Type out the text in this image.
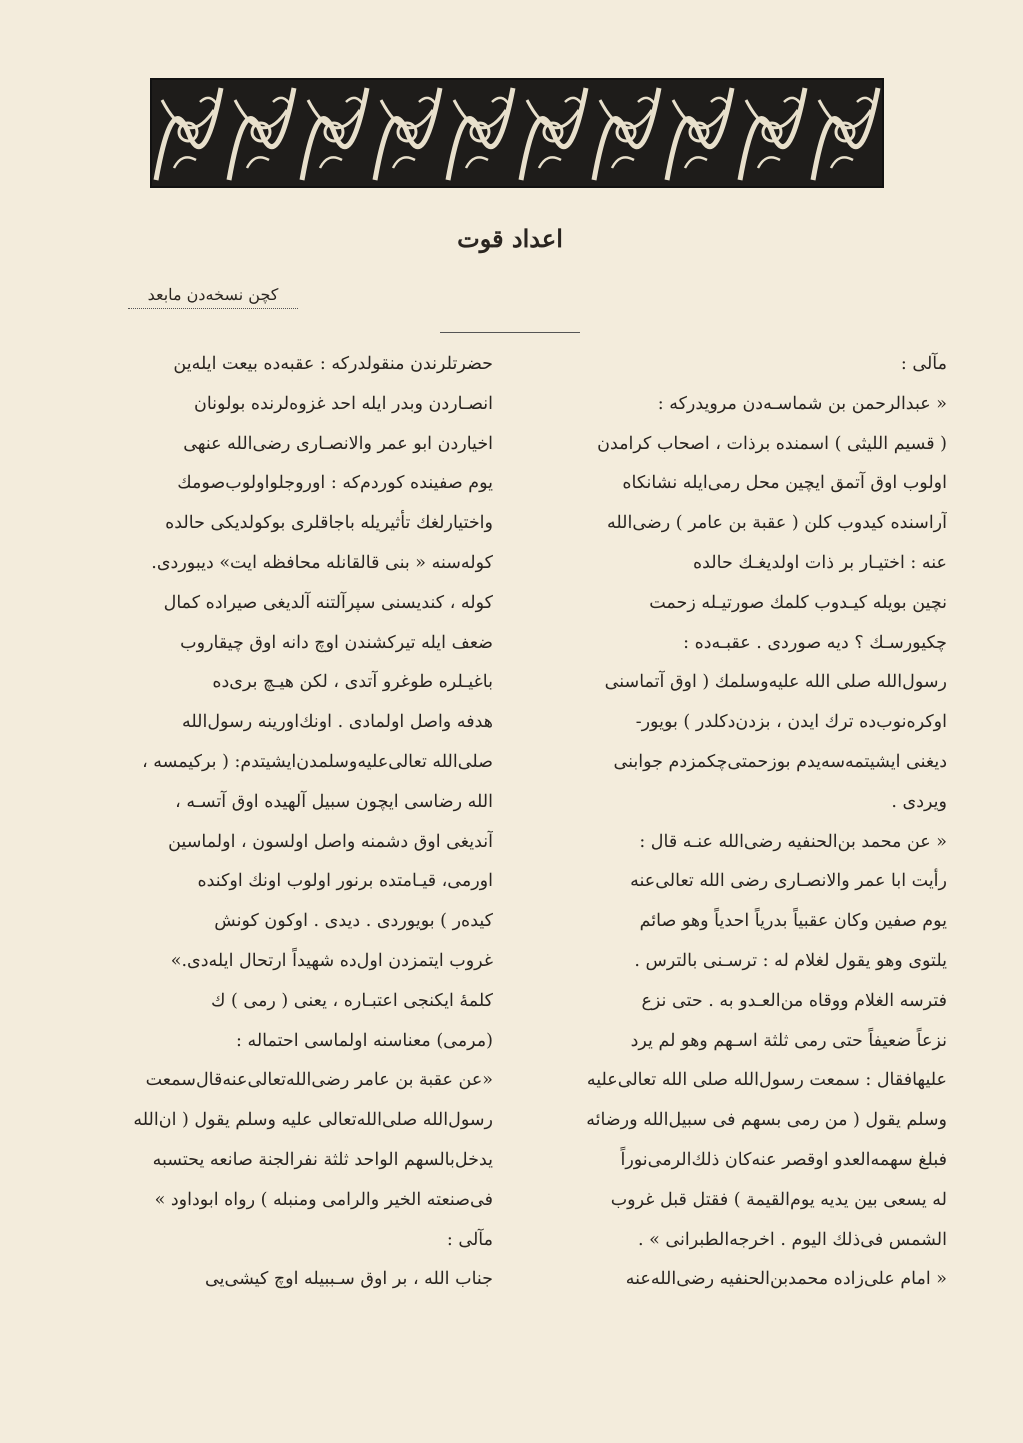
اعداد قوت
کچن نسخه‌دن مابعد
مآلی :
« عبدالرحمن بن شماسـه‌دن مرویدرکه :
( قسیم اللیثی ) اسمنده برذات ، اصحاب کرامدن
اولوب اوق آتمق ایچین محل رمی‌ایله نشانکاه
آراسنده کیدوب کلن ( عقبة بن عامر ) رضی‌الله
عنه : اختیـار بر ذات اولدیغـك حالده
نچین بویله کیـدوب کلمك صورتیـله زحمت
چکیورسـك ؟ دیه صوردی . عقبـه‌ده :
رسول‌الله صلی الله علیه‌وسلمك ( اوق آتماسنی
اوکره‌نوب‌ده ترك ایدن ، بزدن‌دکلدر ) بویور-
دیغنی ایشیتمه‌سه‌یدم بوزحمتی‌چکمزدم جوابنی
ویردی .
« عن محمد بن‌الحنفیه رضی‌الله عنـه قال :
رأیت ابا عمر والانصـاری رضی الله تعالی‌عنه
یوم صفین وکان عقبیاً بدریاً احدیاً وهو صائم
یلتوی وهو یقول لغلام له : ترسـنی بالترس .
فترسه الغلام ووقاه من‌العـدو به . حتی نزع
نزعاً ضعیفاً حتی رمی ثلثة اسـهم وهو لم یرد
علیهافقال : سمعت رسول‌الله صلی الله تعالی‌علیه
وسلم یقول ( من رمی بسهم فی سبیل‌الله ورضائه
فبلغ سهمه‌العدو اوقصر عنه‌کان ذلك‌الرمی‌نوراً
له یسعی بین یدیه یوم‌القیمة ) فقتل قبل غروب
الشمس فی‌ذلك الیوم . اخرجه‌الطبرانی » .
« امام علی‌زاده محمدبن‌الحنفیه رضی‌الله‌عنه
حضرتلرندن منقولدرکه : عقبه‌ده بیعت ایله‌ین
انصـاردن وبدر ایله احد غزوه‌لرنده بولونان
اخیاردن ابو عمر والانصـاری رضی‌الله عنهی
یوم صفینده کوردم‌که : اوروجلواولوب‌صومك
واختیارلغك تأثیریله باجاقلری بوکولدیکی حالده
کوله‌سنه « بنی قالقانله محافظه ایت» دیبوردی.
کوله ، کندیسنی سپرآلتنه آلدیغی صیراده کمال
ضعف ایله تیرکشندن اوچ دانه اوق چیقاروب
باغیـلره طوغرو آتدی ، لکن هیـچ بری‌ده
هدفه واصل اولمادی . اونك‌اورینه رسول‌الله
صلی‌الله تعالی‌علیه‌وسلمدن‌ایشیتدم: ( برکیمسه ،
الله رضاسی ایچون سبیل آلهیده اوق آتسـه ،
آندیغی اوق دشمنه واصل اولسون ، اولماسین
اورمی، قیـامتده برنور اولوب اونك اوکنده
کیده‌ر ) بویوردی . دیدی . اوکون کونش
غروب ایتمزدن اول‌ده شهیداً ارتحال ایله‌دی.»
کلمهٔ ایکنجی اعتبـاره ، یعنی ( رمی ) ك
(مرمی) معناسنه اولماسی احتماله :
«عن عقبة بن عامر رضی‌الله‌تعالی‌عنه‌قال‌سمعت
رسول‌الله صلی‌الله‌تعالی علیه وسلم یقول ( ان‌الله
یدخل‌بالسهم الواحد ثلثة نفرالجنة صانعه یحتسبه
فی‌صنعته الخیر والرامی ومنبله ) رواه ابوداود »
مآلی :
جناب الله ، بر اوق سـببیله اوچ کیشی‌یی
